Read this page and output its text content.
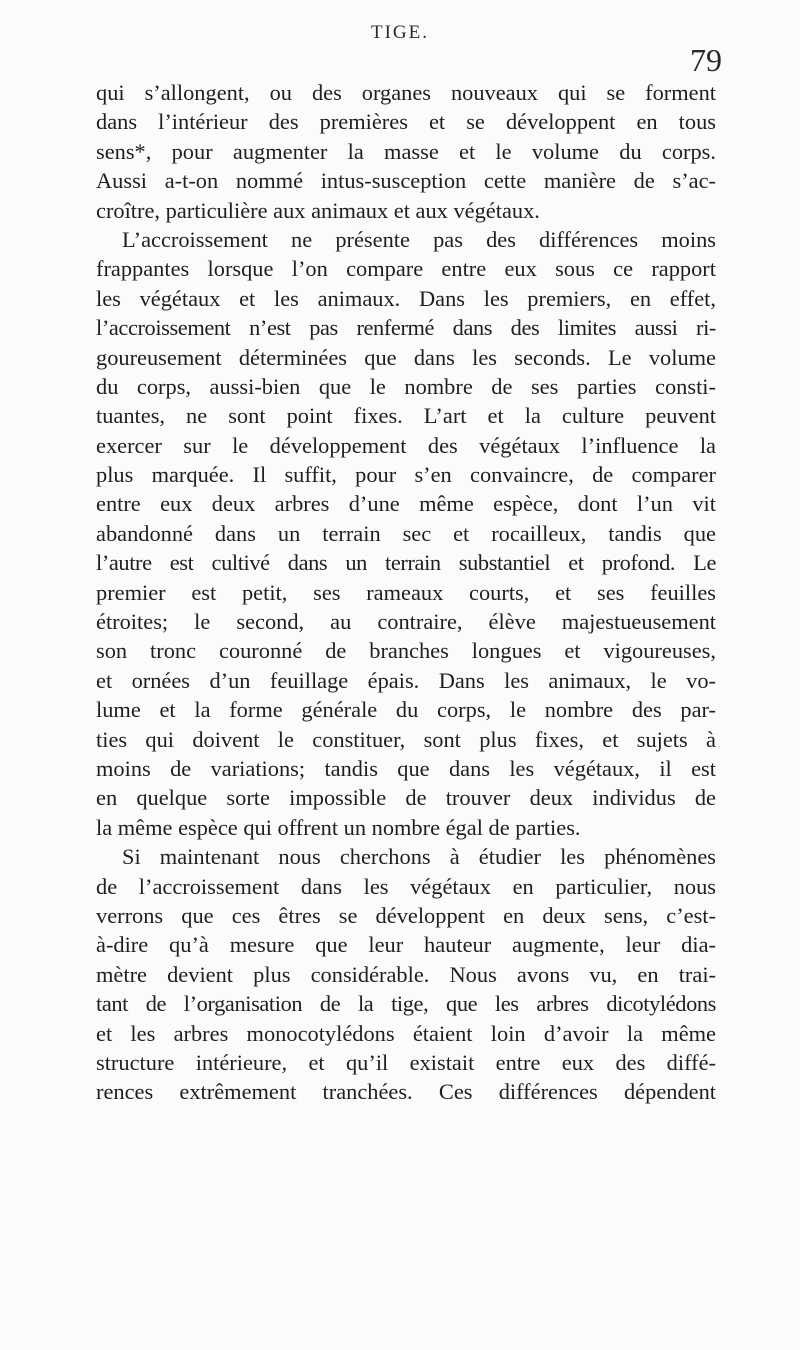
TIGE.
79
qui s’allongent, ou des organes nouveaux qui se forment
dans l’intérieur des premières et se développent en tous
sens*, pour augmenter la masse et le volume du corps.
Aussi a-t-on nommé intus-susception cette manière de s’ac-
croître, particulière aux animaux et aux végétaux.
L’accroissement ne présente pas des différences moins
frappantes lorsque l’on compare entre eux sous ce rapport
les végétaux et les animaux. Dans les premiers, en effet,
l’accroissement n’est pas renfermé dans des limites aussi ri-
goureusement déterminées que dans les seconds. Le volume
du corps, aussi-bien que le nombre de ses parties consti-
tuantes, ne sont point fixes. L’art et la culture peuvent
exercer sur le développement des végétaux l’influence la
plus marquée. Il suffit, pour s’en convaincre, de comparer
entre eux deux arbres d’une même espèce, dont l’un vit
abandonné dans un terrain sec et rocailleux, tandis que
l’autre est cultivé dans un terrain substantiel et profond. Le
premier est petit, ses rameaux courts, et ses feuilles
étroites; le second, au contraire, élève majestueusement
son tronc couronné de branches longues et vigoureuses,
et ornées d’un feuillage épais. Dans les animaux, le vo-
lume et la forme générale du corps, le nombre des par-
ties qui doivent le constituer, sont plus fixes, et sujets à
moins de variations; tandis que dans les végétaux, il est
en quelque sorte impossible de trouver deux individus de
la même espèce qui offrent un nombre égal de parties.
Si maintenant nous cherchons à étudier les phénomènes
de l’accroissement dans les végétaux en particulier, nous
verrons que ces êtres se développent en deux sens, c’est-
à-dire qu’à mesure que leur hauteur augmente, leur dia-
mètre devient plus considérable. Nous avons vu, en trai-
tant de l’organisation de la tige, que les arbres dicotylédons
et les arbres monocotylédons étaient loin d’avoir la même
structure intérieure, et qu’il existait entre eux des diffé-
rences extrêmement tranchées. Ces différences dépendent
